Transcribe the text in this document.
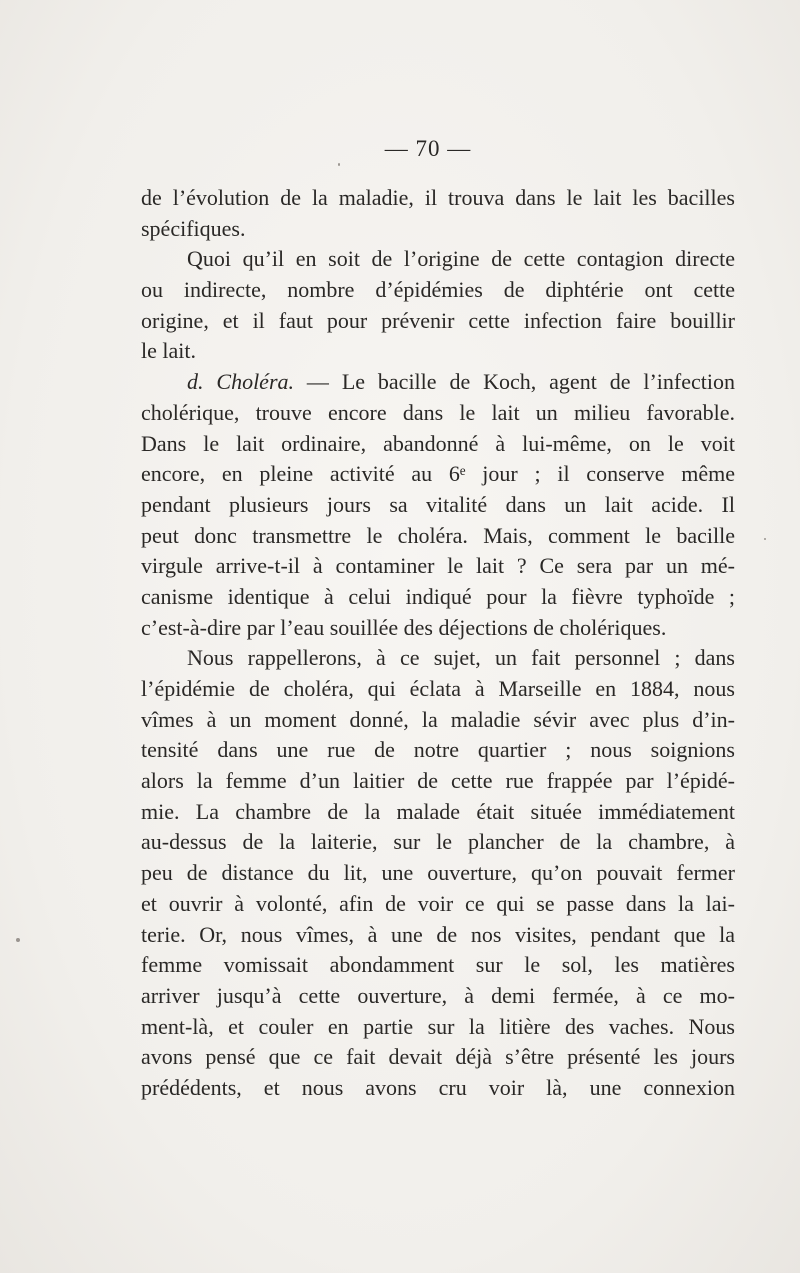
— 70 —
de l’évolution de la maladie, il trouva dans le lait les bacilles
spécifiques.
Quoi qu’il en soit de l’origine de cette contagion directe
ou indirecte, nombre d’épidémies de diphtérie ont cette
origine, et il faut pour prévenir cette infection faire bouillir
le lait.
d. Choléra. — Le bacille de Koch, agent de l’infection
cholérique, trouve encore dans le lait un milieu favorable.
Dans le lait ordinaire, abandonné à lui-même, on le voit
encore, en pleine activité au 6ᵉ jour ; il conserve même
pendant plusieurs jours sa vitalité dans un lait acide. Il
peut donc transmettre le choléra. Mais, comment le bacille
virgule arrive-t-il à contaminer le lait ? Ce sera par un mé-
canisme identique à celui indiqué pour la fièvre typhoïde ;
c’est-à-dire par l’eau souillée des déjections de cholériques.
Nous rappellerons, à ce sujet, un fait personnel ; dans
l’épidémie de choléra, qui éclata à Marseille en 1884, nous
vîmes à un moment donné, la maladie sévir avec plus d’in-
tensité dans une rue de notre quartier ; nous soignions
alors la femme d’un laitier de cette rue frappée par l’épidé-
mie. La chambre de la malade était située immédiatement
au-dessus de la laiterie, sur le plancher de la chambre, à
peu de distance du lit, une ouverture, qu’on pouvait fermer
et ouvrir à volonté, afin de voir ce qui se passe dans la lai-
terie. Or, nous vîmes, à une de nos visites, pendant que la
femme vomissait abondamment sur le sol, les matières
arriver jusqu’à cette ouverture, à demi fermée, à ce mo-
ment-là, et couler en partie sur la litière des vaches. Nous
avons pensé que ce fait devait déjà s’être présenté les jours
prédédents, et nous avons cru voir là, une connexion
